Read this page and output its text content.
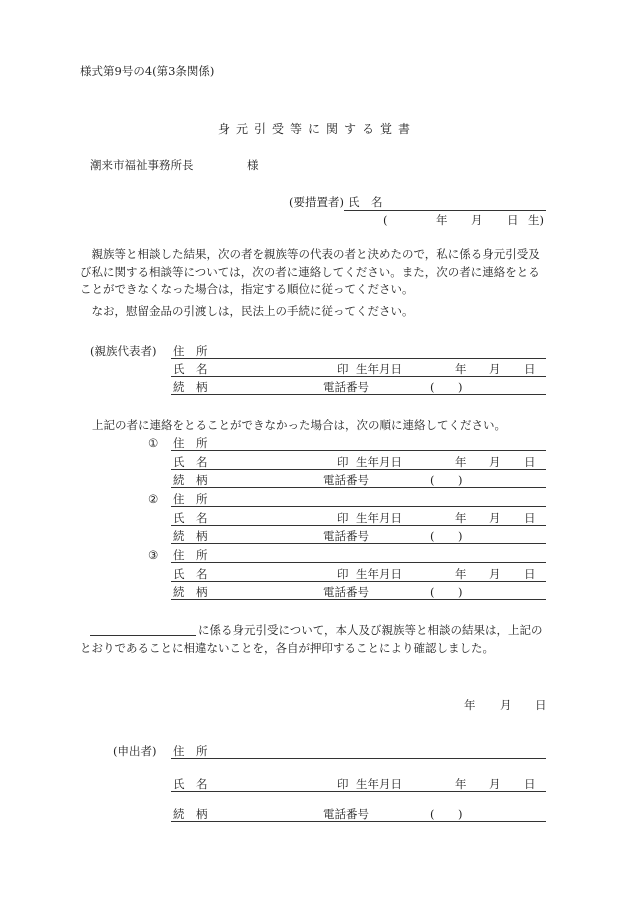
様式第9号の4(第3条関係)
身元引受等に関する覚書
潮来市福祉事務所長	様
(要措置者) 氏　名
(	年 月 日 生)
　親族等と相談した結果，次の者を親族等の代表の者と決めたので，私に係る身元引受及び私に関する相談等については，次の者に連絡してください。また，次の者に連絡をとることができなくなった場合は，指定する順位に従ってください。
　なお，慰留金品の引渡しは，民法上の手続に従ってください。
(親族代表者) 住　所
氏　名	印 生年月日	年 月 日
続　柄	電話番号	( )
上記の者に連絡をとることができなかった場合は，次の順に連絡してください。
① 住　所
氏　名	印 生年月日	年 月 日
続　柄	電話番号	( )
② 住　所
氏　名	印 生年月日	年 月 日
続　柄	電話番号	( )
③ 住　所
氏　名	印 生年月日	年 月 日
続　柄	電話番号	( )
に係る身元引受について，本人及び親族等と相談の結果は，上記の
とおりであることに相違ないことを，各自が押印することにより確認しました。
年 月 日
(申出者) 住　所
氏　名	印 生年月日	年 月 日
続　柄	電話番号	( )
